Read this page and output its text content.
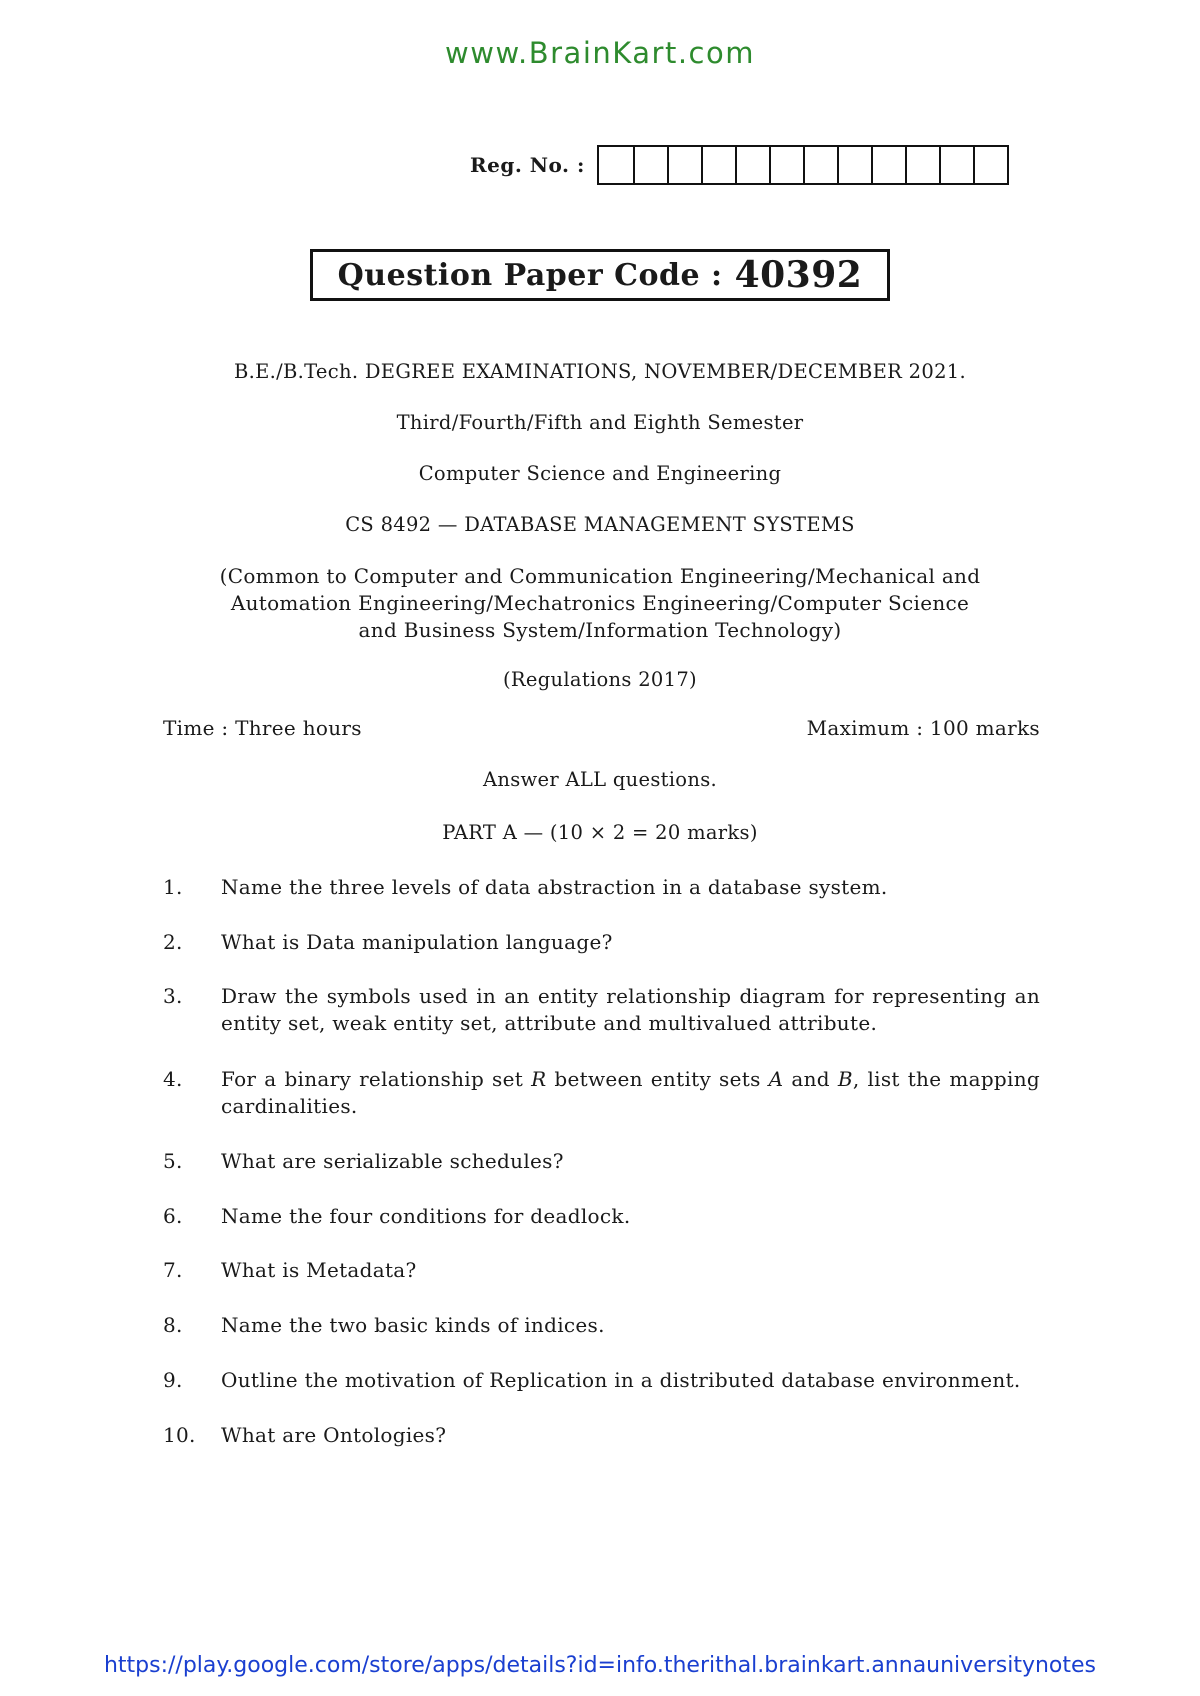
www.BrainKart.com
Reg. No. :
Question Paper Code : 40392
B.E./B.Tech. DEGREE EXAMINATIONS, NOVEMBER/DECEMBER 2021.
Third/Fourth/Fifth and Eighth Semester
Computer Science and Engineering
CS 8492 — DATABASE MANAGEMENT SYSTEMS
(Common to Computer and Communication Engineering/Mechanical and
Automation Engineering/Mechatronics Engineering/Computer Science
and Business System/Information Technology)
(Regulations 2017)
Time : Three hours	Maximum : 100 marks
Answer ALL questions.
PART A — (10 × 2 = 20 marks)
1.	Name the three levels of data abstraction in a database system.
2.	What is Data manipulation language?
3.	Draw the symbols used in an entity relationship diagram for representing an entity set, weak entity set, attribute and multivalued attribute.
4.	For a binary relationship set R between entity sets A and B, list the mapping cardinalities.
5.	What are serializable schedules?
6.	Name the four conditions for deadlock.
7.	What is Metadata?
8.	Name the two basic kinds of indices.
9.	Outline the motivation of Replication in a distributed database environment.
10.	What are Ontologies?
https://play.google.com/store/apps/details?id=info.therithal.brainkart.annauniversitynotes
